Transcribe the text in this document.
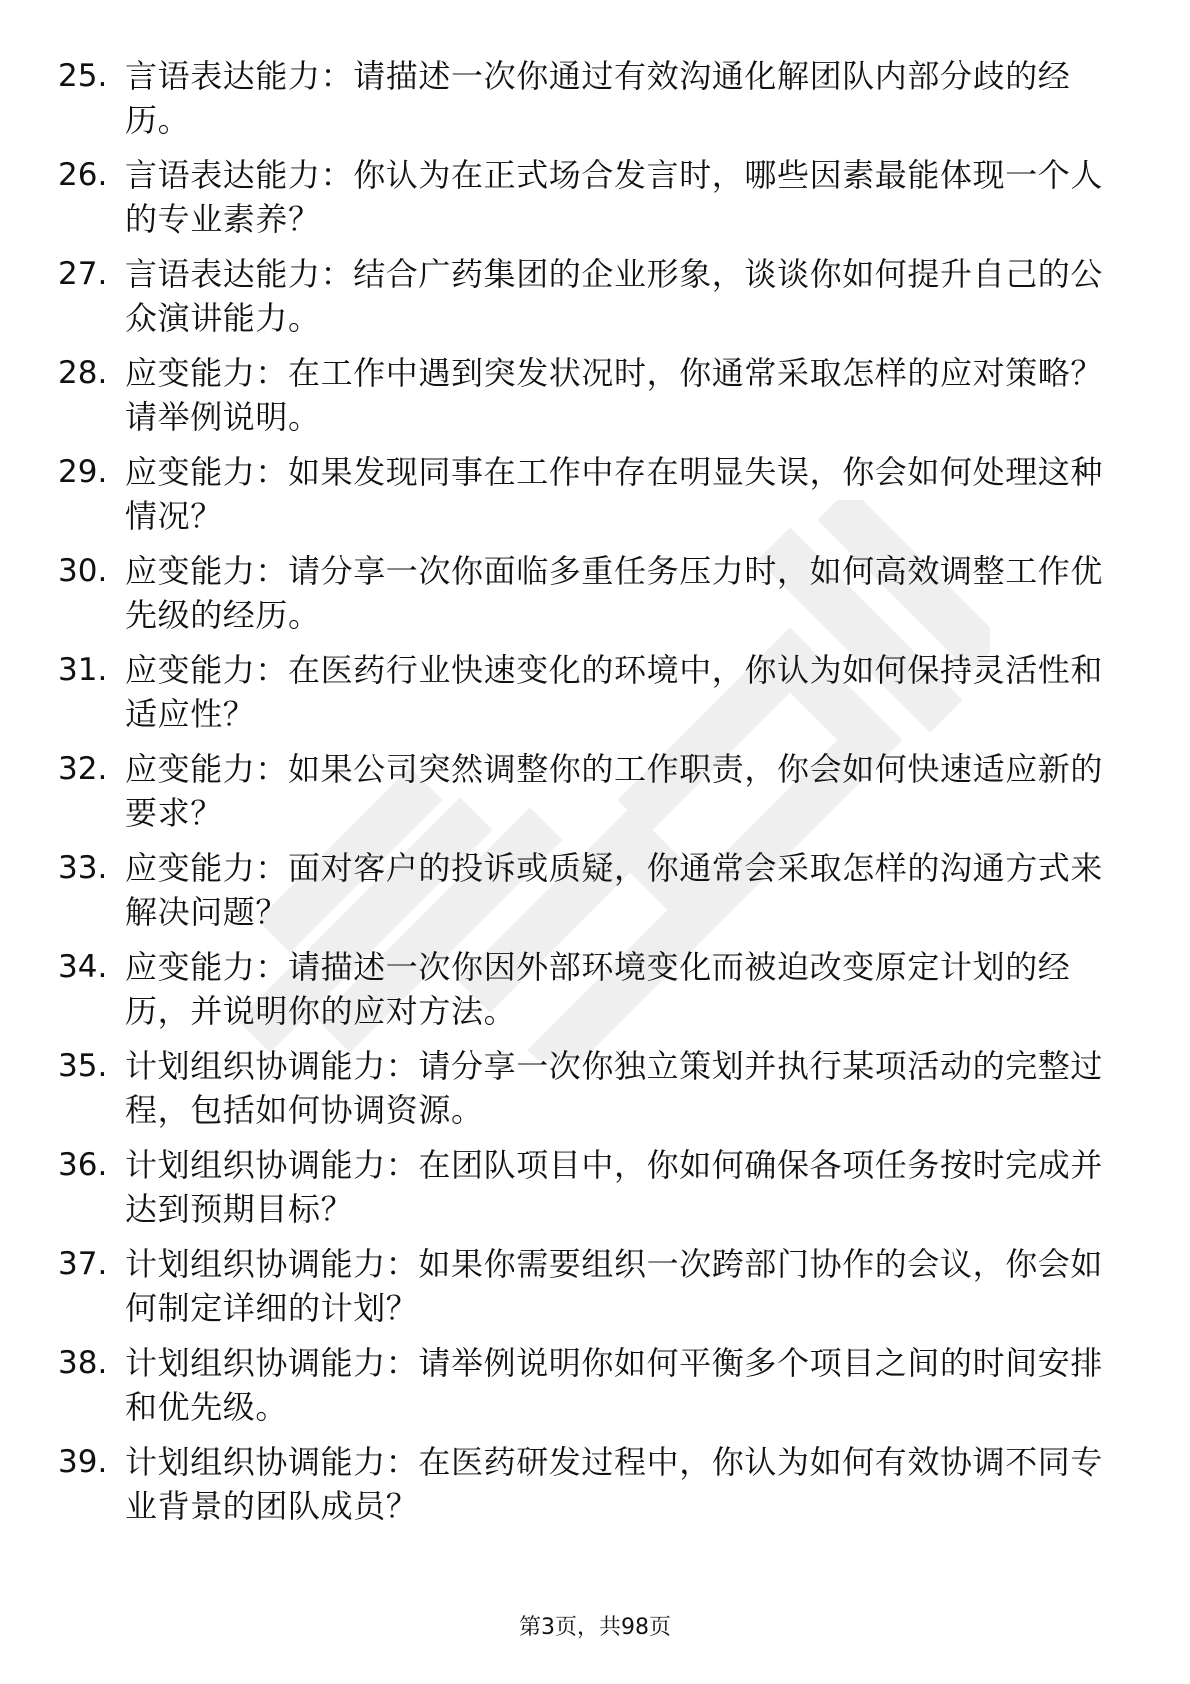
25. 言语表达能力：请描述一次你通过有效沟通化解团队内部分歧的经历。
26. 言语表达能力：你认为在正式场合发言时，哪些因素最能体现一个人的专业素养？
27. 言语表达能力：结合广药集团的企业形象，谈谈你如何提升自己的公众演讲能力。
28. 应变能力：在工作中遇到突发状况时，你通常采取怎样的应对策略？请举例说明。
29. 应变能力：如果发现同事在工作中存在明显失误，你会如何处理这种情况？
30. 应变能力：请分享一次你面临多重任务压力时，如何高效调整工作优先级的经历。
31. 应变能力：在医药行业快速变化的环境中，你认为如何保持灵活性和适应性？
32. 应变能力：如果公司突然调整你的工作职责，你会如何快速适应新的要求？
33. 应变能力：面对客户的投诉或质疑，你通常会采取怎样的沟通方式来解决问题？
34. 应变能力：请描述一次你因外部环境变化而被迫改变原定计划的经历，并说明你的应对方法。
35. 计划组织协调能力：请分享一次你独立策划并执行某项活动的完整过程，包括如何协调资源。
36. 计划组织协调能力：在团队项目中，你如何确保各项任务按时完成并达到预期目标？
37. 计划组织协调能力：如果你需要组织一次跨部门协作的会议，你会如何制定详细的计划？
38. 计划组织协调能力：请举例说明你如何平衡多个项目之间的时间安排和优先级。
39. 计划组织协调能力：在医药研发过程中，你认为如何有效协调不同专业背景的团队成员？
第3页，共98页
